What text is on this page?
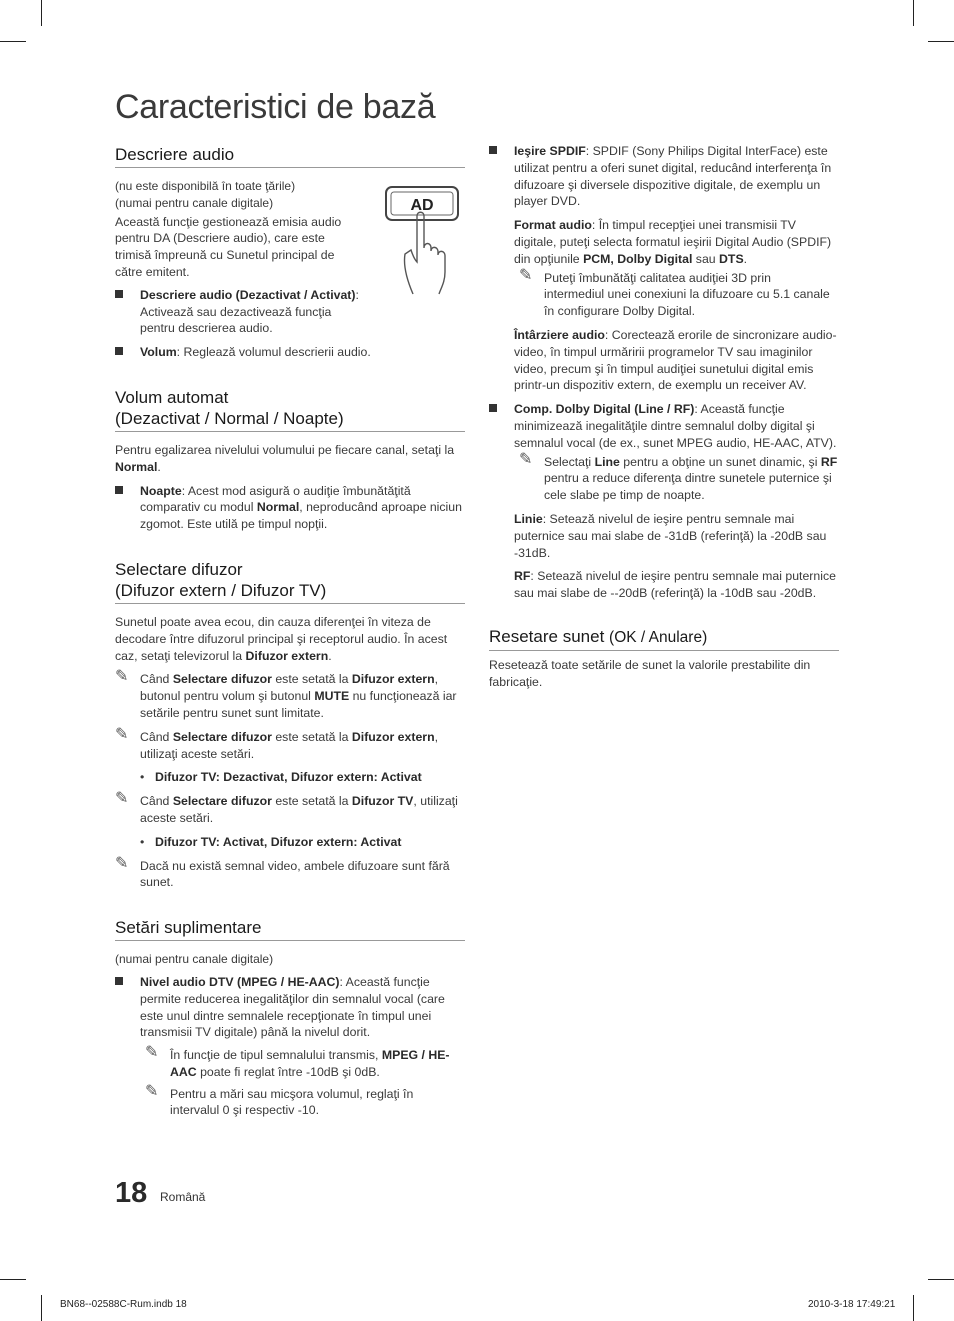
Caracteristici de bază
Descriere audio
AD

(nu este disponibilă în toate ţările)

(numai pentru canale digitale)

Această funcţie gestionează emisia audio pentru DA (Descriere audio), care este trimisă împreună cu Sunetul principal de către emitent.

Descriere audio (Dezactivat / Activat): Activează sau dezactivează funcţia pentru descrierea audio.
Volum: Reglează volumul descrierii audio.
Volum automat
(Dezactivat / Normal / Noapte)

Pentru egalizarea nivelului volumului pe fiecare canal, setaţi la Normal.

Noapte: Acest mod asigură o audiţie îmbunătăţită comparativ cu modul Normal, neproducând aproape niciun zgomot. Este utilă pe timpul nopţii.
Selectare difuzor
(Difuzor extern / Difuzor TV)

Sunetul poate avea ecou, din cauza diferenţei în viteza de decodare între difuzorul principal şi receptorul audio. În acest caz, setaţi televizorul la Difuzor extern.

✎ Când Selectare difuzor este setată la Difuzor extern, butonul pentru volum şi butonul MUTE nu funcţionează iar setările pentru sunet sunt limitate.
✎ Când Selectare difuzor este setată la Difuzor extern, utilizaţi aceste setări.
• Difuzor TV: Dezactivat, Difuzor extern: Activat
✎ Când Selectare difuzor este setată la Difuzor TV, utilizaţi aceste setări.
• Difuzor TV: Activat, Difuzor extern: Activat
✎ Dacă nu există semnal video, ambele difuzoare sunt fără sunet.
Setări suplimentare

(numai pentru canale digitale)

Nivel audio DTV (MPEG / HE-AAC): Această funcţie permite reducerea inegalităţilor din semnalul vocal (care este unul dintre semnalele recepţionate în timpul unei transmisii TV digitale) până la nivelul dorit.
✎ În funcţie de tipul semnalului transmis, MPEG / HE-AAC poate fi reglat între -10dB şi 0dB.
✎ Pentru a mări sau micşora volumul, reglaţi în intervalul 0 şi respectiv -10.
Ieşire SPDIF: SPDIF (Sony Philips Digital InterFace) este utilizat pentru a oferi sunet digital, reducând interferenţa în difuzoare şi diversele dispozitive digitale, de exemplu un player DVD.

Format audio: În timpul recepţiei unei transmisii TV digitale, puteţi selecta formatul ieşirii Digital Audio (SPDIF) din opţiunile PCM, Dolby Digital sau DTS.

✎ Puteţi îmbunătăţi calitatea audiţiei 3D prin intermediul unei conexiuni la difuzoare cu 5.1 canale în configurare Dolby Digital.

Întârziere audio: Corectează erorile de sincronizare audio-video, în timpul urmăririi programelor TV sau imaginilor video, precum şi în timpul audiţiei sunetului digital emis printr-un dispozitiv extern, de exemplu un receiver AV.

Comp. Dolby Digital (Line / RF): Această funcţie minimizează inegalităţile dintre semnalul dolby digital şi semnalul vocal (de ex., sunet MPEG audio, HE-AAC, ATV).
✎ Selectaţi Line pentru a obţine un sunet dinamic, şi RF pentru a reduce diferenţa dintre sunetele puternice şi cele slabe pe timp de noapte.

Linie: Setează nivelul de ieşire pentru semnale mai puternice sau mai slabe de -31dB (referinţă) la -20dB sau -31dB.

RF: Setează nivelul de ieşire pentru semnale mai puternice sau mai slabe de --20dB (referinţă) la -10dB sau -20dB.

Resetare sunet (OK / Anulare)

Resetează toate setările de sunet la valorile prestabilite din fabricaţie.

18 Română
BN68--02588C-Rum.indb 18	2010-3-18 17:49:21
